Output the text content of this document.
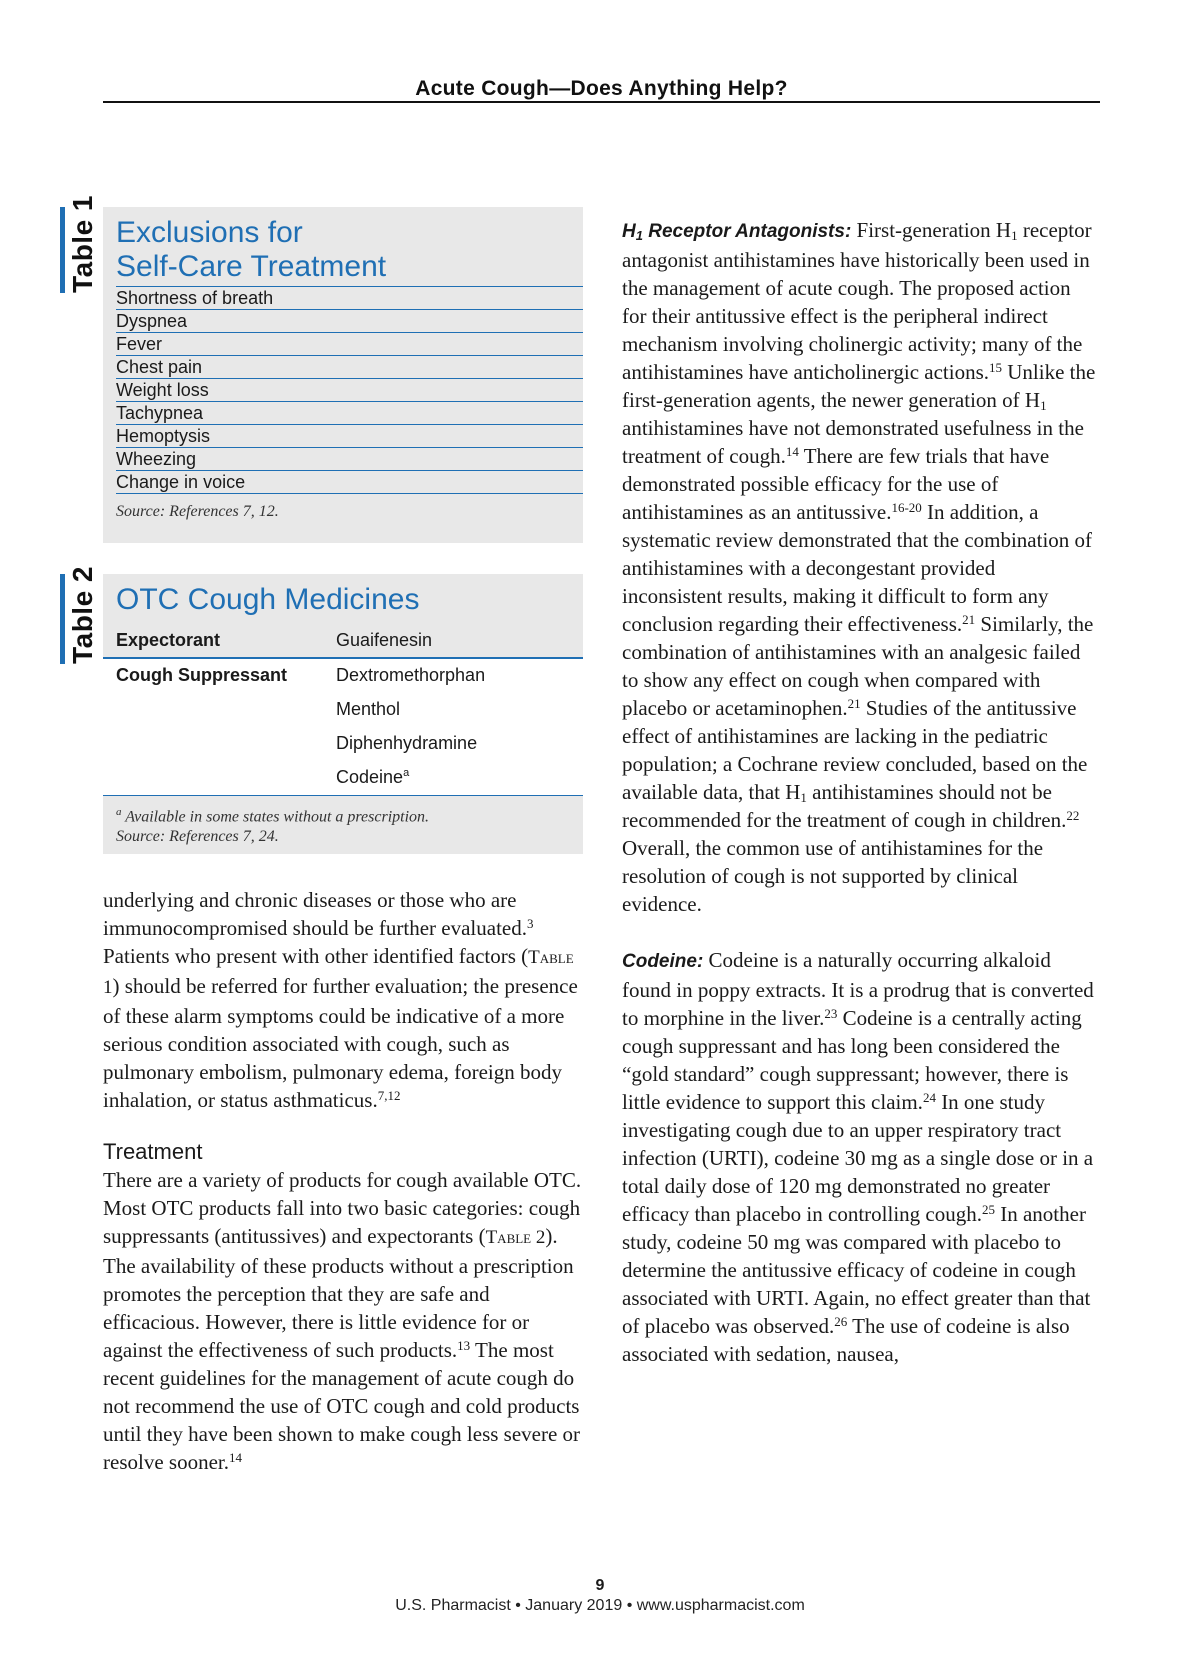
Acute Cough—Does Anything Help?
Table 1 Exclusions for
Self-Care Treatment
Shortness of breath
Dyspnea
Fever
Chest pain
Weight loss
Tachypnea
Hemoptysis
Wheezing
Change in voice
Source: References 7, 12.
Table 2 OTC Cough Medicines
Expectorant	Guaifenesin
Cough Suppressant	Dextromethorphan
Menthol
Diphenhydramine
Codeine$^a$
$^a$ Available in some states without a prescription.
Source: References 7, 24.

underlying and chronic diseases or those who are immunocompromised should be further evaluated.$^3$ Patients who present with other identified factors (Table 1) should be referred for further evaluation; the presence of these alarm symptoms could be indicative of a more serious condition associated with cough, such as pulmonary embolism, pulmonary edema, foreign body inhalation, or status asthmaticus.$^{7,12}$

Treatment

There are a variety of products for cough available OTC. Most OTC products fall into two basic categories: cough suppressants (antitussives) and expectorants (Table 2). The availability of these products without a prescription promotes the perception that they are safe and efficacious. However, there is little evidence for or against the effectiveness of such products.$^{13}$ The most recent guidelines for the management of acute cough do not recommend the use of OTC cough and cold products until they have been shown to make cough less severe or resolve sooner.$^{14}$

$H_1$ Receptor Antagonists: First-generation $H_1$ receptor antagonist antihistamines have historically been used in the management of acute cough. The proposed action for their antitussive effect is the peripheral indirect mechanism involving cholinergic activity; many of the antihistamines have anticholinergic actions.$^{15}$ Unlike the first-generation agents, the newer generation of $H_1$ antihistamines have not demonstrated usefulness in the treatment of cough.$^{14}$ There are few trials that have demonstrated possible efficacy for the use of antihistamines as an antitussive.$^{16-20}$ In addition, a systematic review demonstrated that the combination of antihistamines with a decongestant provided inconsistent results, making it difficult to form any conclusion regarding their effectiveness.$^{21}$ Similarly, the combination of antihistamines with an analgesic failed to show any effect on cough when compared with placebo or acetaminophen.$^{21}$ Studies of the antitussive effect of antihistamines are lacking in the pediatric population; a Cochrane review concluded, based on the available data, that $H_1$ antihistamines should not be recommended for the treatment of cough in children.$^{22}$ Overall, the common use of antihistamines for the resolution of cough is not supported by clinical evidence.

Codeine: Codeine is a naturally occurring alkaloid found in poppy extracts. It is a prodrug that is converted to morphine in the liver.$^{23}$ Codeine is a centrally acting cough suppressant and has long been considered the “gold standard” cough suppressant; however, there is little evidence to support this claim.$^{24}$ In one study investigating cough due to an upper respiratory tract infection (URTI), codeine 30 mg as a single dose or in a total daily dose of 120 mg demonstrated no greater efficacy than placebo in controlling cough.$^{25}$ In another study, codeine 50 mg was compared with placebo to determine the antitussive efficacy of codeine in cough associated with URTI. Again, no effect greater than that of placebo was observed.$^{26}$ The use of codeine is also associated with sedation, nausea,

9
U.S. Pharmacist • January 2019 • www.uspharmacist.com
